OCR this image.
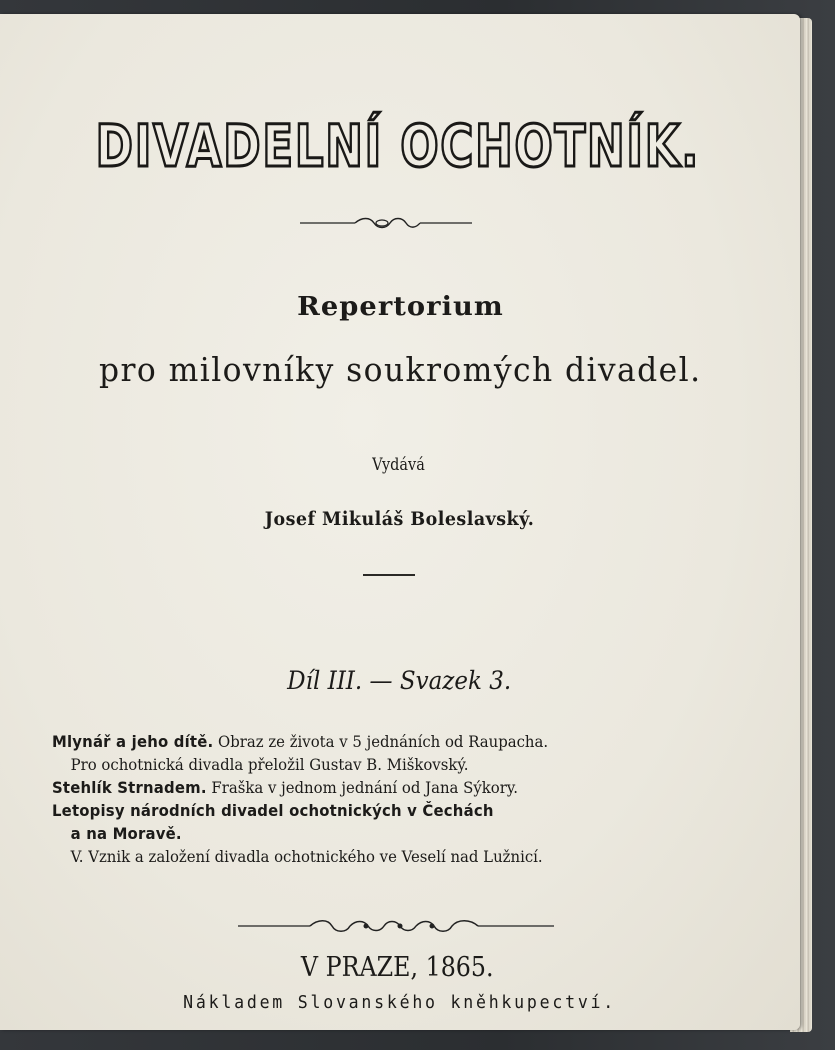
DIVADELNÍ OCHOTNÍK.
Repertorium
pro milovníky soukromých divadel.
Vydává
Josef Mikuláš Boleslavský.
Díl III. — Svazek 3.
Mlynář a jeho dítě. Obraz ze života v 5 jednáních od Raupacha.
Pro ochotnická divadla přeložil Gustav B. Miškovský.
Stehlík Strnadem. Fraška v jednom jednání od Jana Sýkory.
Letopisy národních divadel ochotnických v Čechách
a na Moravě.
V. Vznik a založení divadla ochotnického ve Veselí nad Lužnicí.
V PRAZE, 1865.
Nákladem Slovanského kněhkupectví.
